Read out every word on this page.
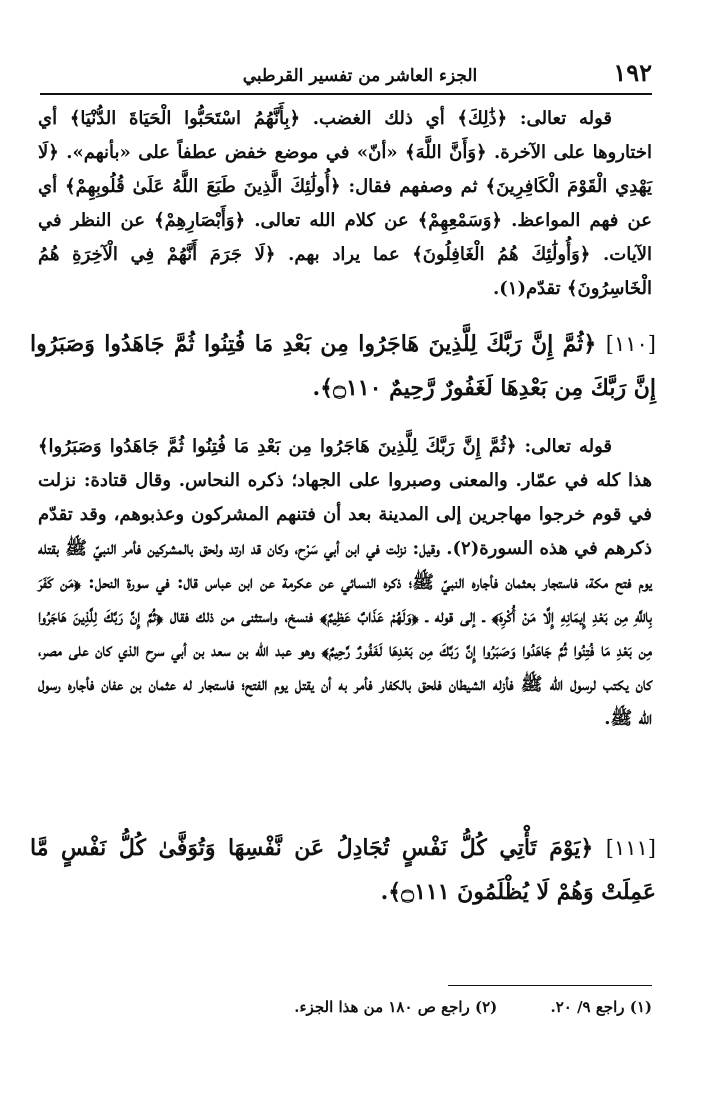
١٩٢
الجزء العاشر من تفسير القرطبي

قوله تعالى: ﴿ذَٰلِكَ﴾ أي ذلك الغضب. ﴿بِأَنَّهُمُ اسْتَحَبُّوا الْحَيَاةَ الدُّنْيَا﴾ أي اختاروها على الآخرة. ﴿وَأَنَّ اللَّهَ﴾ «أنّ» في موضع خفض عطفاً على «بأنهم». ﴿لَا يَهْدِي الْقَوْمَ الْكَافِرِينَ﴾ ثم وصفهم فقال: ﴿أُولَٰئِكَ الَّذِينَ طَبَعَ اللَّهُ عَلَىٰ قُلُوبِهِمْ﴾ أي عن فهم المواعظ. ﴿وَسَمْعِهِمْ﴾ عن كلام الله تعالى. ﴿وَأَبْصَارِهِمْ﴾ عن النظر في الآيات. ﴿وَأُولَٰئِكَ هُمُ الْغَافِلُونَ﴾ عما يراد بهم. ﴿لَا جَرَمَ أَنَّهُمْ فِي الْآخِرَةِ هُمُ الْخَاسِرُونَ﴾ تقدّم(١).

[١١٠] ﴿ثُمَّ إِنَّ رَبَّكَ لِلَّذِينَ هَاجَرُوا مِن بَعْدِ مَا فُتِنُوا ثُمَّ جَاهَدُوا وَصَبَرُوا إِنَّ رَبَّكَ مِن بَعْدِهَا لَغَفُورٌ رَّحِيمٌ ۝١١٠﴾.

قوله تعالى: ﴿ثُمَّ إِنَّ رَبَّكَ لِلَّذِينَ هَاجَرُوا مِن بَعْدِ مَا فُتِنُوا ثُمَّ جَاهَدُوا وَصَبَرُوا﴾ هذا كله في عمّار. والمعنى وصبروا على الجهاد؛ ذكره النحاس. وقال قتادة: نزلت في قوم خرجوا مهاجرين إلى المدينة بعد أن فتنهم المشركون وعذبوهم، وقد تقدّم ذكرهم في هذه السورة(٢). وقيل: نزلت في ابن أبي سَرْح، وكان قد ارتد ولحق بالمشركين فأمر النبيّ ﷺ بقتله يوم فتح مكة، فاستجار بعثمان فأجاره النبيّ ﷺ؛ ذكره النسائي عن عكرمة عن ابن عباس قال: في سورة النحل: ﴿مَن كَفَرَ بِاللَّهِ مِن بَعْدِ إِيمَانِهِ إِلَّا مَنْ أُكْرِهَ﴾ ـ إلى قوله ـ ﴿وَلَهُمْ عَذَابٌ عَظِيمٌ﴾ فنسخ، واستثنى من ذلك فقال ﴿ثُمَّ إِنَّ رَبَّكَ لِلَّذِينَ هَاجَرُوا مِن بَعْدِ مَا فُتِنُوا ثُمَّ جَاهَدُوا وَصَبَرُوا إِنَّ رَبَّكَ مِن بَعْدِهَا لَغَفُورٌ رَّحِيمٌ﴾ وهو عبد الله بن سعد بن أبي سرح الذي كان على مصر، كان يكتب لرسول الله ﷺ فأزله الشيطان فلحق بالكفار فأمر به أن يقتل يوم الفتح؛ فاستجار له عثمان بن عفان فأجاره رسول الله ﷺ.

[١١١] ﴿يَوْمَ تَأْتِي كُلُّ نَفْسٍ تُجَادِلُ عَن نَّفْسِهَا وَتُوَفَّىٰ كُلُّ نَفْسٍ مَّا عَمِلَتْ وَهُمْ لَا يُظْلَمُونَ ۝١١١﴾.
(١) راجع ٩/ ٢٠. (٢) راجع ص ١٨٠ من هذا الجزء.
